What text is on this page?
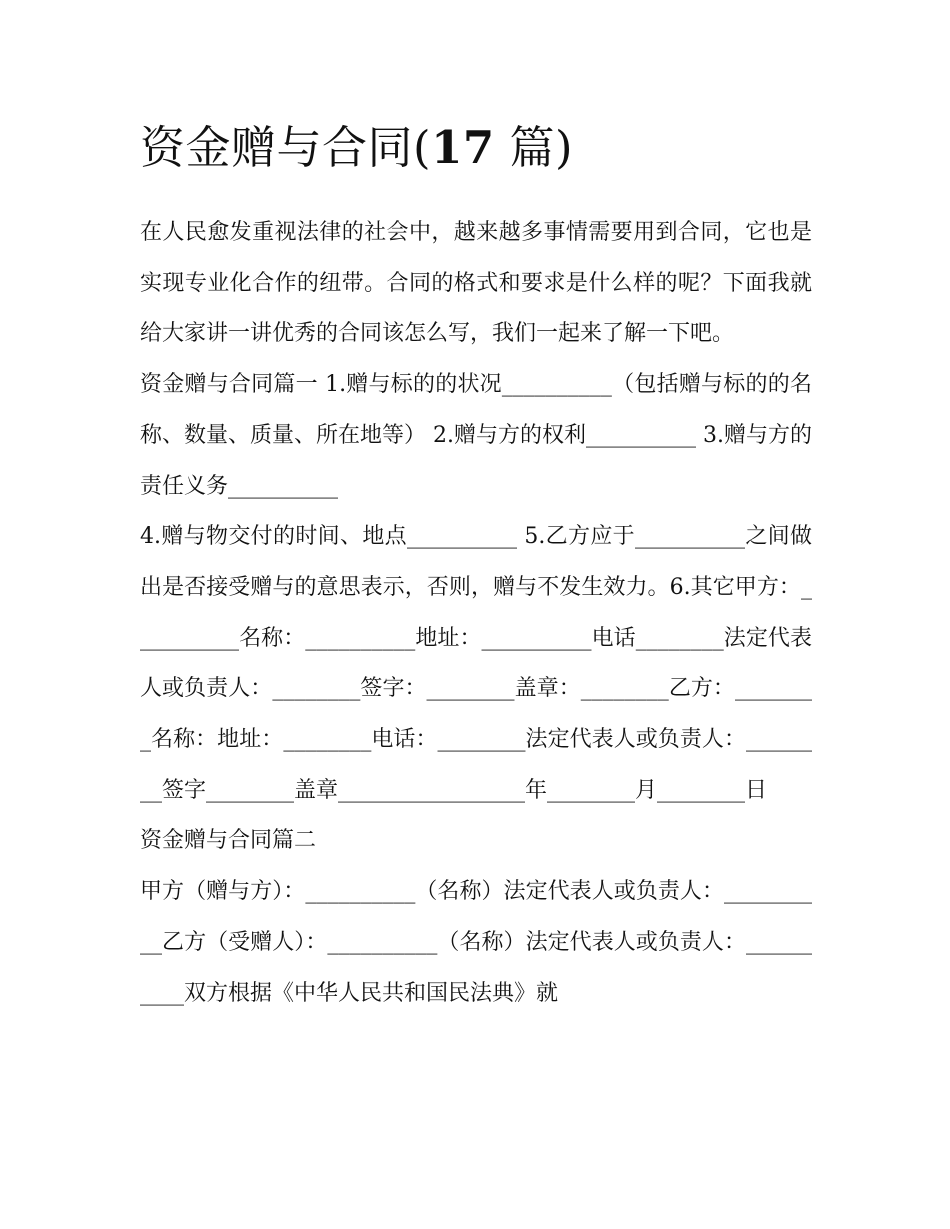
资金赠与合同(17 篇)

在人民愈发重视法律的社会中，越来越多事情需要用到合同，它也是实现专业化合作的纽带。合同的格式和要求是什么样的呢？下面我就给大家讲一讲优秀的合同该怎么写，我们一起来了解一下吧。

资金赠与合同篇一 1.赠与标的的状况__________（包括赠与标的的名称、数量、质量、所在地等） 2.赠与方的权利__________ 3.赠与方的责任义务__________

4.赠与物交付的时间、地点__________ 5.乙方应于__________之间做出是否接受赠与的意思表示，否则，赠与不发生效力。6.其它甲方：__________名称：__________地址：__________电话________法定代表人或负责人：________签字：________盖章：________乙方：________名称：地址：________电话：________法定代表人或负责人：________签字________盖章_________________年________月________日

资金赠与合同篇二

甲方（赠与方）：__________（名称）法定代表人或负责人：__________乙方（受赠人）：__________（名称）法定代表人或负责人：__________双方根据《中华人民共和国民法典》就
